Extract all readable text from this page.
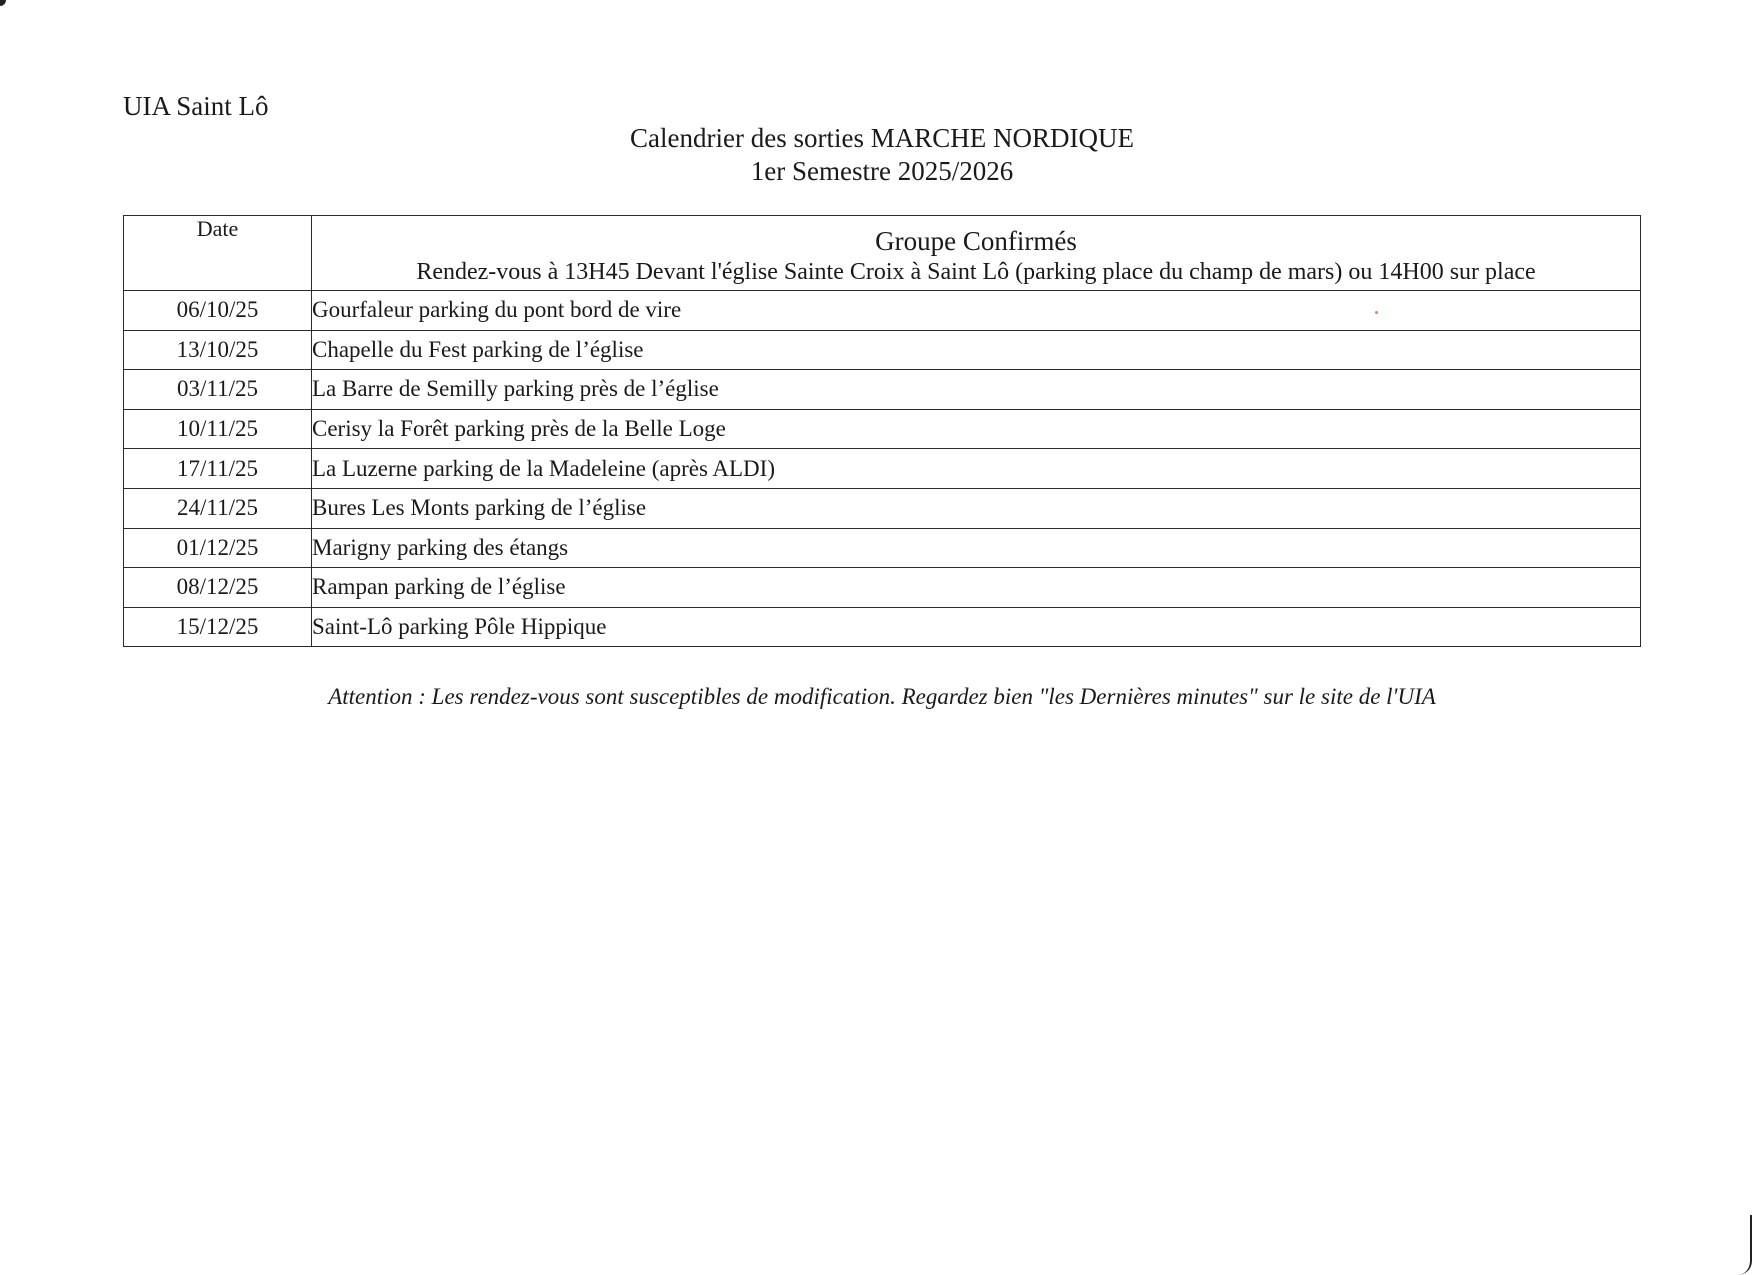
UIA Saint Lô
Calendrier des sorties MARCHE NORDIQUE
1er Semestre 2025/2026
Date	Groupe Confirmés
Rendez-vous à 13H45 Devant l'église Sainte Croix à Saint Lô (parking place du champ de mars) ou 14H00 sur place

06/10/25	Gourfaleur parking du pont bord de vire
13/10/25	Chapelle du Fest parking de l’église
03/11/25	La Barre de Semilly parking près de l’église
10/11/25	Cerisy la Forêt parking près de la Belle Loge
17/11/25	La Luzerne parking de la Madeleine (après ALDI)
24/11/25	Bures Les Monts parking de l’église
01/12/25	Marigny parking des étangs
08/12/25	Rampan parking de l’église
15/12/25	Saint-Lô parking Pôle Hippique
Attention : Les rendez-vous sont susceptibles de modification. Regardez bien "les Dernières minutes" sur le site de l'UIA
